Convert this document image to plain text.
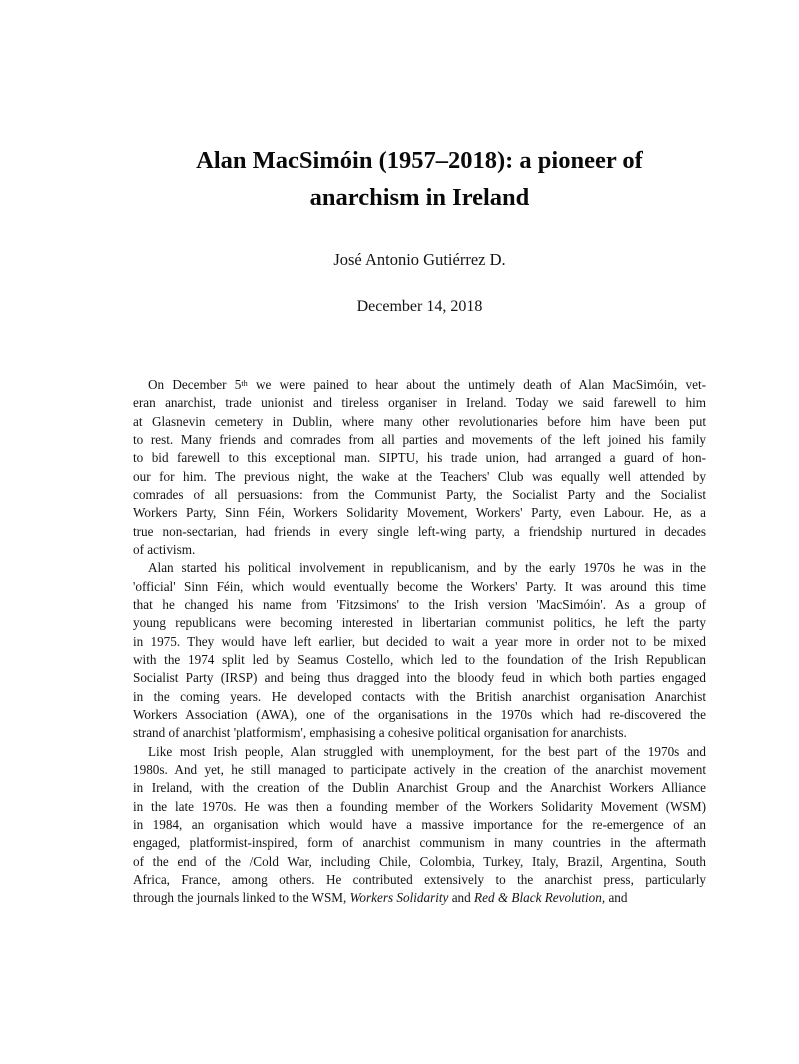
Alan MacSimóin (1957–2018): a pioneer of
anarchism in Ireland
José Antonio Gutiérrez D.
December 14, 2018
On December 5th we were pained to hear about the untimely death of Alan MacSimóin, vet-
eran anarchist, trade unionist and tireless organiser in Ireland. Today we said farewell to him
at Glasnevin cemetery in Dublin, where many other revolutionaries before him have been put
to rest. Many friends and comrades from all parties and movements of the left joined his family
to bid farewell to this exceptional man. SIPTU, his trade union, had arranged a guard of hon-
our for him. The previous night, the wake at the Teachers' Club was equally well attended by
comrades of all persuasions: from the Communist Party, the Socialist Party and the Socialist
Workers Party, Sinn Féin, Workers Solidarity Movement, Workers' Party, even Labour. He, as a
true non-sectarian, had friends in every single left-wing party, a friendship nurtured in decades
of activism.
Alan started his political involvement in republicanism, and by the early 1970s he was in the
'official' Sinn Féin, which would eventually become the Workers' Party. It was around this time
that he changed his name from 'Fitzsimons' to the Irish version 'MacSimóin'. As a group of
young republicans were becoming interested in libertarian communist politics, he left the party
in 1975. They would have left earlier, but decided to wait a year more in order not to be mixed
with the 1974 split led by Seamus Costello, which led to the foundation of the Irish Republican
Socialist Party (IRSP) and being thus dragged into the bloody feud in which both parties engaged
in the coming years. He developed contacts with the British anarchist organisation Anarchist
Workers Association (AWA), one of the organisations in the 1970s which had re-discovered the
strand of anarchist 'platformism', emphasising a cohesive political organisation for anarchists.
Like most Irish people, Alan struggled with unemployment, for the best part of the 1970s and
1980s. And yet, he still managed to participate actively in the creation of the anarchist movement
in Ireland, with the creation of the Dublin Anarchist Group and the Anarchist Workers Alliance
in the late 1970s. He was then a founding member of the Workers Solidarity Movement (WSM)
in 1984, an organisation which would have a massive importance for the re-emergence of an
engaged, platformist-inspired, form of anarchist communism in many countries in the aftermath
of the end of the /Cold War, including Chile, Colombia, Turkey, Italy, Brazil, Argentina, South
Africa, France, among others. He contributed extensively to the anarchist press, particularly
through the journals linked to the WSM, Workers Solidarity and Red & Black Revolution, and
